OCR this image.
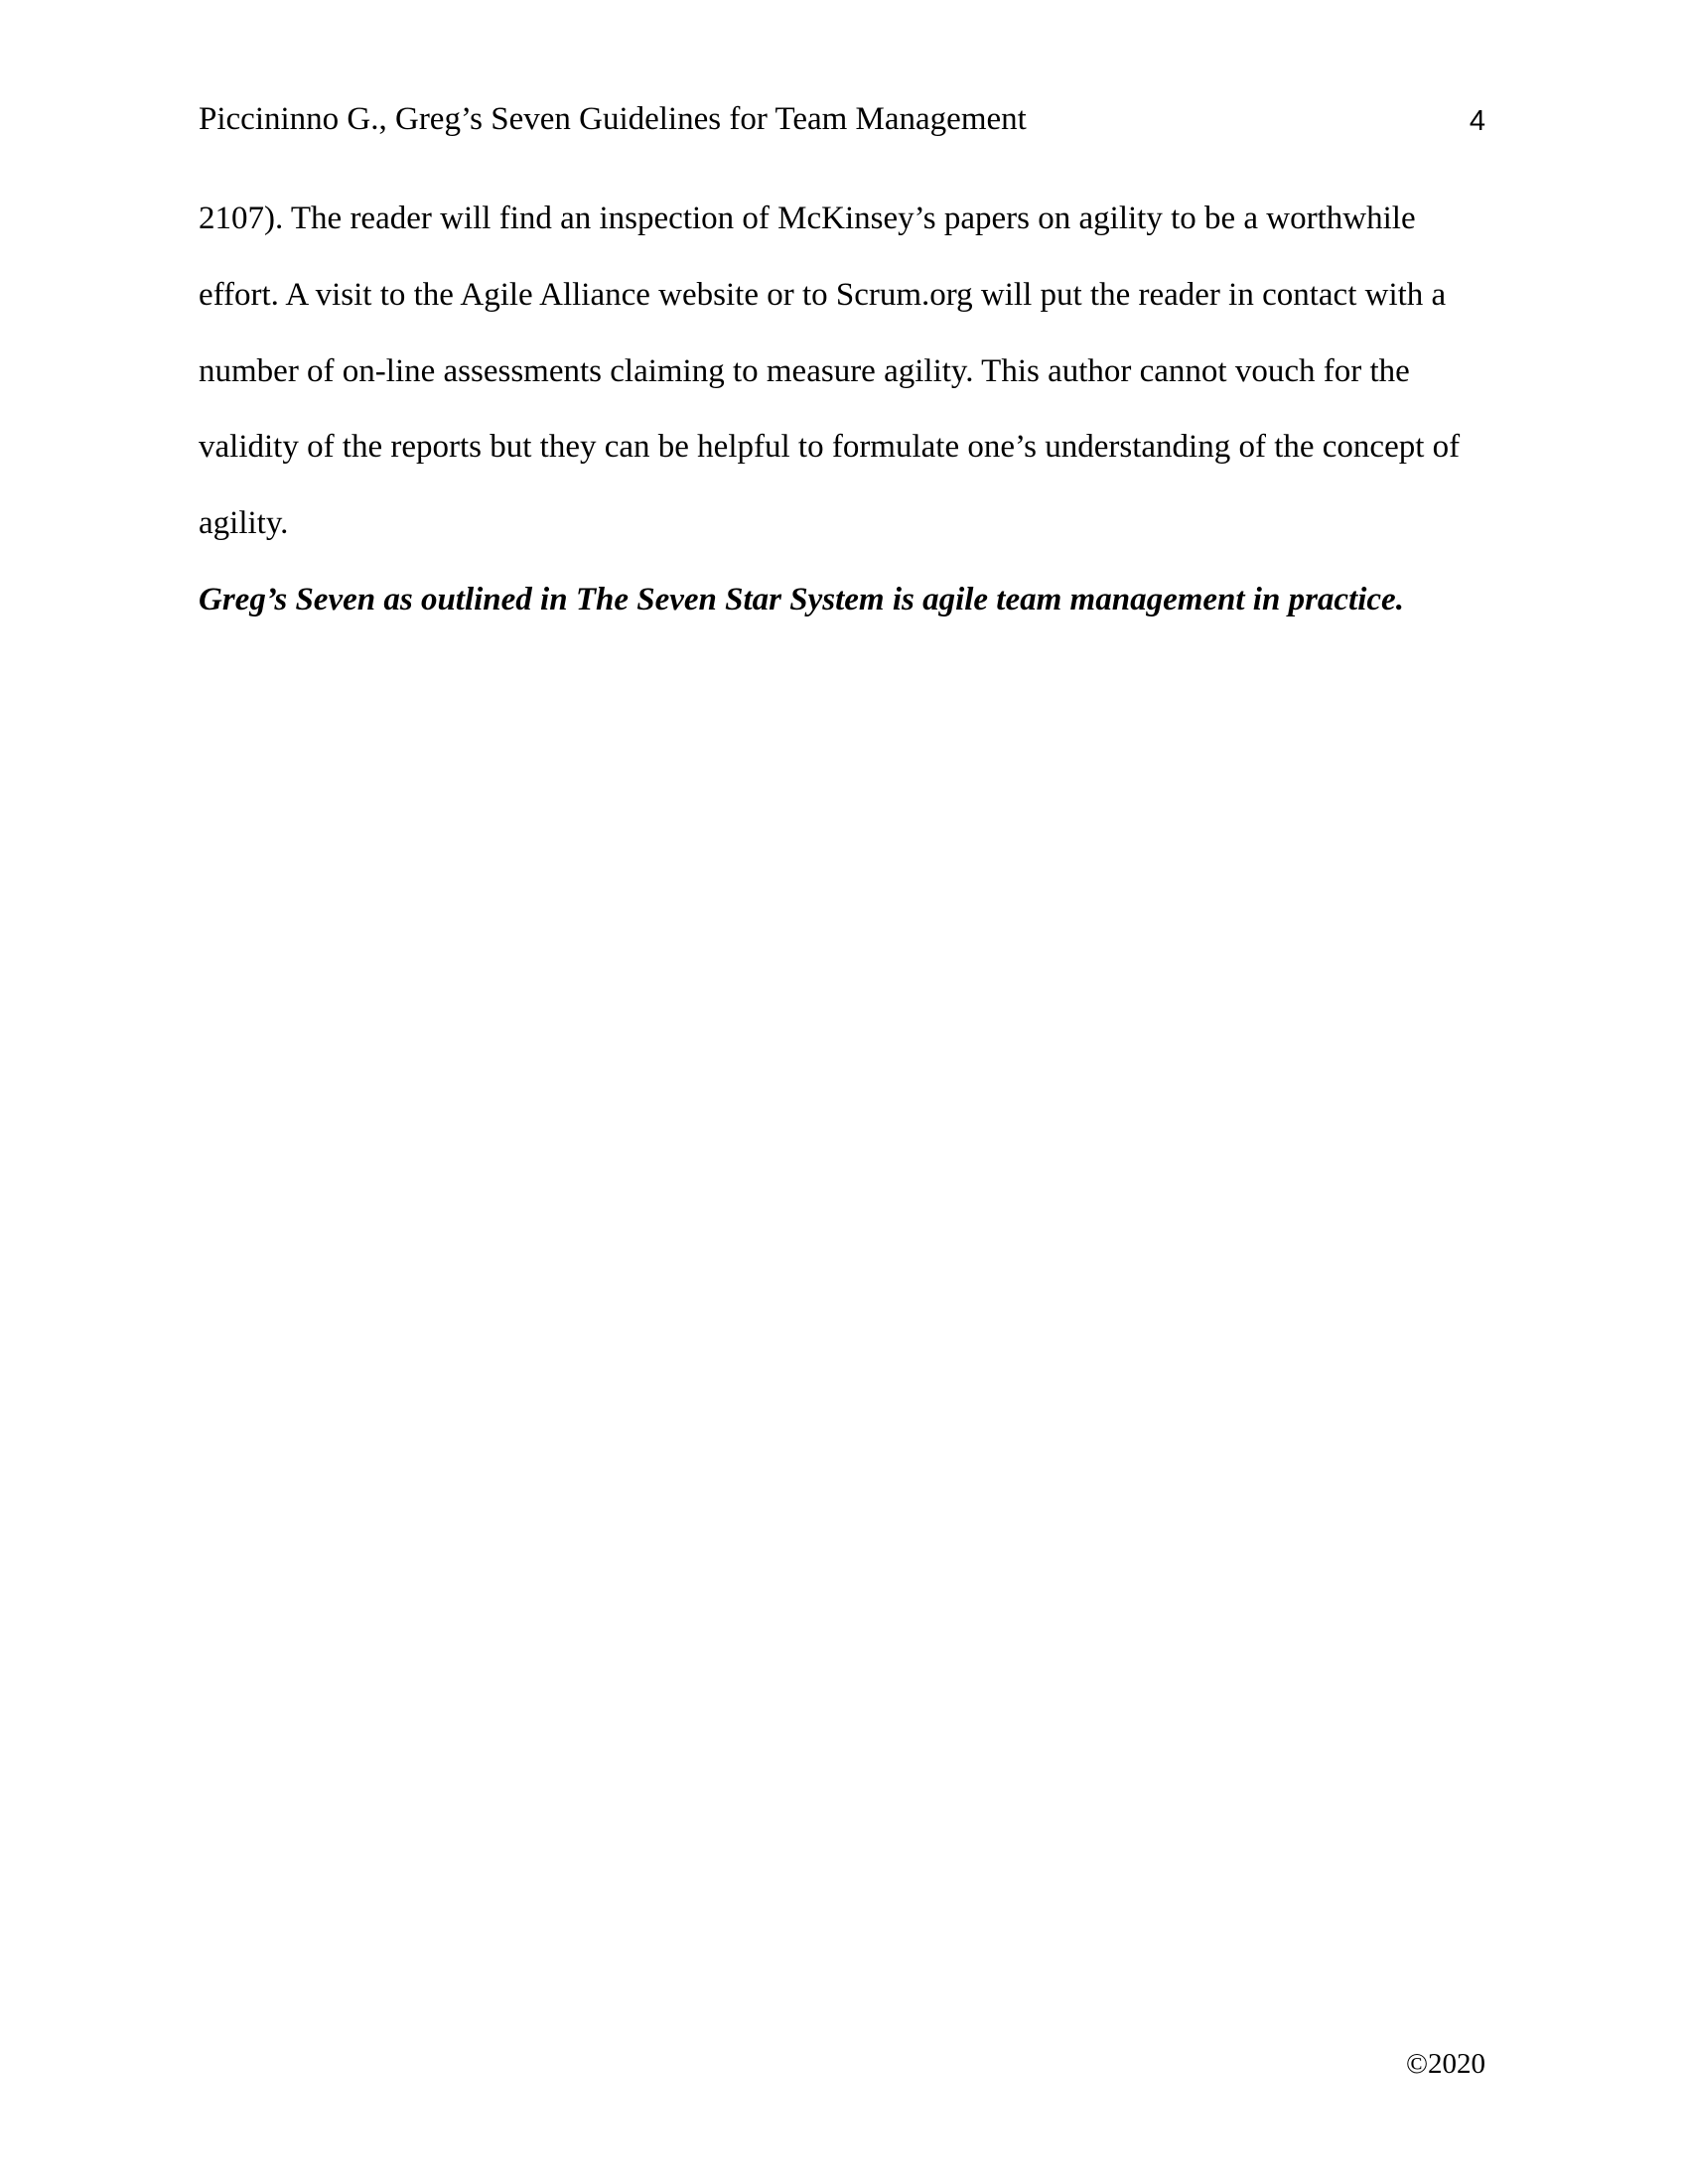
Piccininno G., Greg’s Seven Guidelines for Team Management	4
2107). The reader will find an inspection of McKinsey’s papers on agility to be a worthwhile
effort. A visit to the Agile Alliance website or to Scrum.org will put the reader in contact with a
number of on-line assessments claiming to measure agility. This author cannot vouch for the
validity of the reports but they can be helpful to formulate one’s understanding of the concept of
agility.
Greg’s Seven as outlined in The Seven Star System is agile team management in practice.
©2020
